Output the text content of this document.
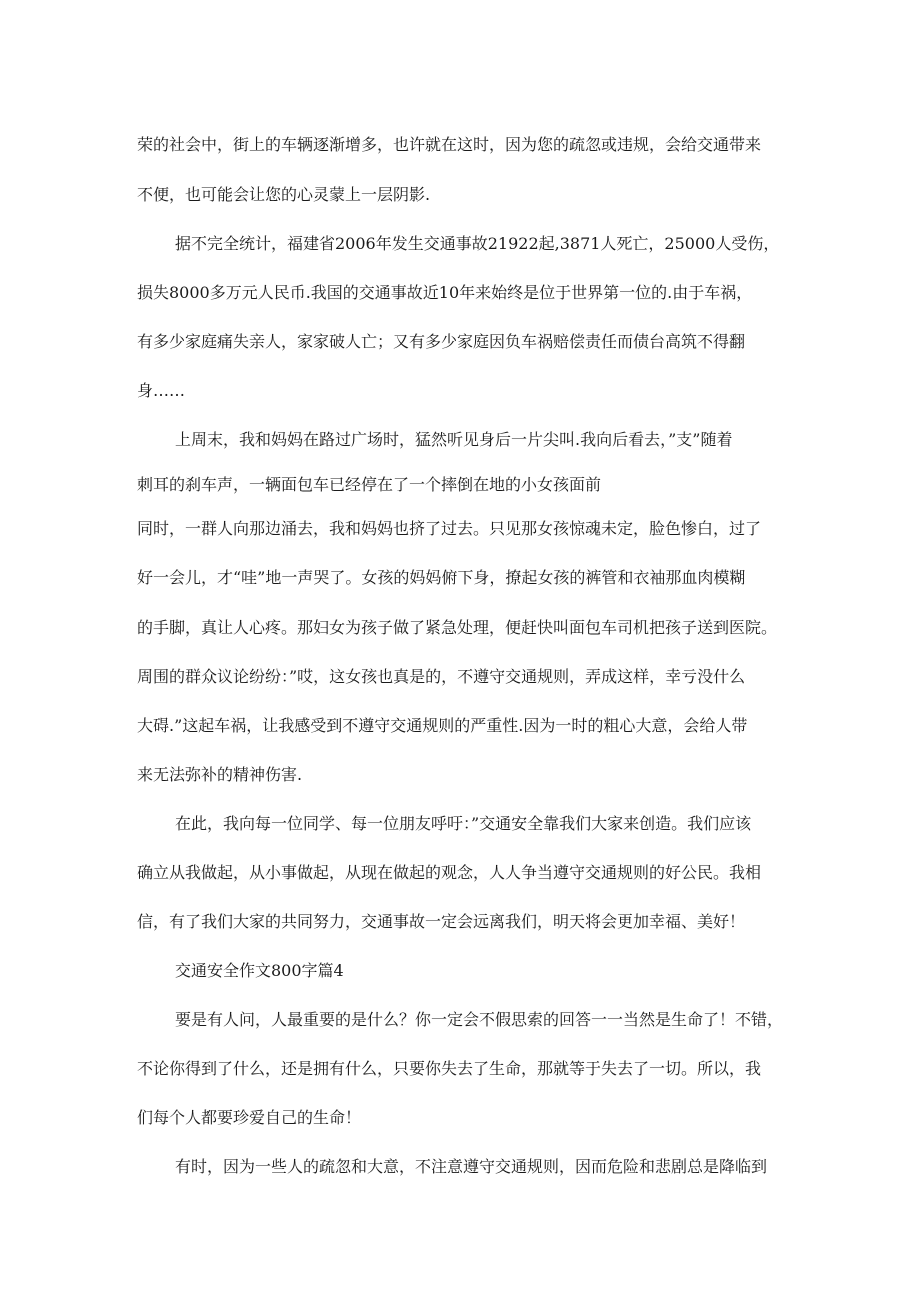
荣的社会中，街上的车辆逐渐增多，也许就在这时，因为您的疏忽或违规，会给交通带来

不便，也可能会让您的心灵蒙上一层阴影.

据不完全统计，福建省2006年发生交通事故21922起,3871人死亡，25000人受伤，

损失8000多万元人民币.我国的交通事故近10年来始终是位于世界第一位的.由于车祸，

有多少家庭痛失亲人，家家破人亡；又有多少家庭因负车祸赔偿责任而债台高筑不得翻

身……

上周末，我和妈妈在路过广场时，猛然听见身后一片尖叫.我向后看去，”支”随着

刺耳的刹车声，一辆面包车已经停在了一个摔倒在地的小女孩面前

同时，一群人向那边涌去，我和妈妈也挤了过去。只见那女孩惊魂未定，脸色惨白，过了

好一会儿，才“哇”地一声哭了。女孩的妈妈俯下身，撩起女孩的裤管和衣袖那血肉模糊

的手脚，真让人心疼。那妇女为孩子做了紧急处理，便赶快叫面包车司机把孩子送到医院。

周围的群众议论纷纷：”哎，这女孩也真是的，不遵守交通规则，弄成这样，幸亏没什么

大碍.”这起车祸，让我感受到不遵守交通规则的严重性.因为一时的粗心大意，会给人带

来无法弥补的精神伤害.

在此，我向每一位同学、每一位朋友呼吁：”交通安全靠我们大家来创造。我们应该

确立从我做起，从小事做起，从现在做起的观念，人人争当遵守交通规则的好公民。我相

信，有了我们大家的共同努力，交通事故一定会远离我们，明天将会更加幸福、美好！

交通安全作文800字篇4

要是有人问，人最重要的是什么？你一定会不假思索的回答一一当然是生命了！不错，

不论你得到了什么，还是拥有什么，只要你失去了生命，那就等于失去了一切。所以，我

们每个人都要珍爱自己的生命！

有时，因为一些人的疏忽和大意，不注意遵守交通规则，因而危险和悲剧总是降临到
